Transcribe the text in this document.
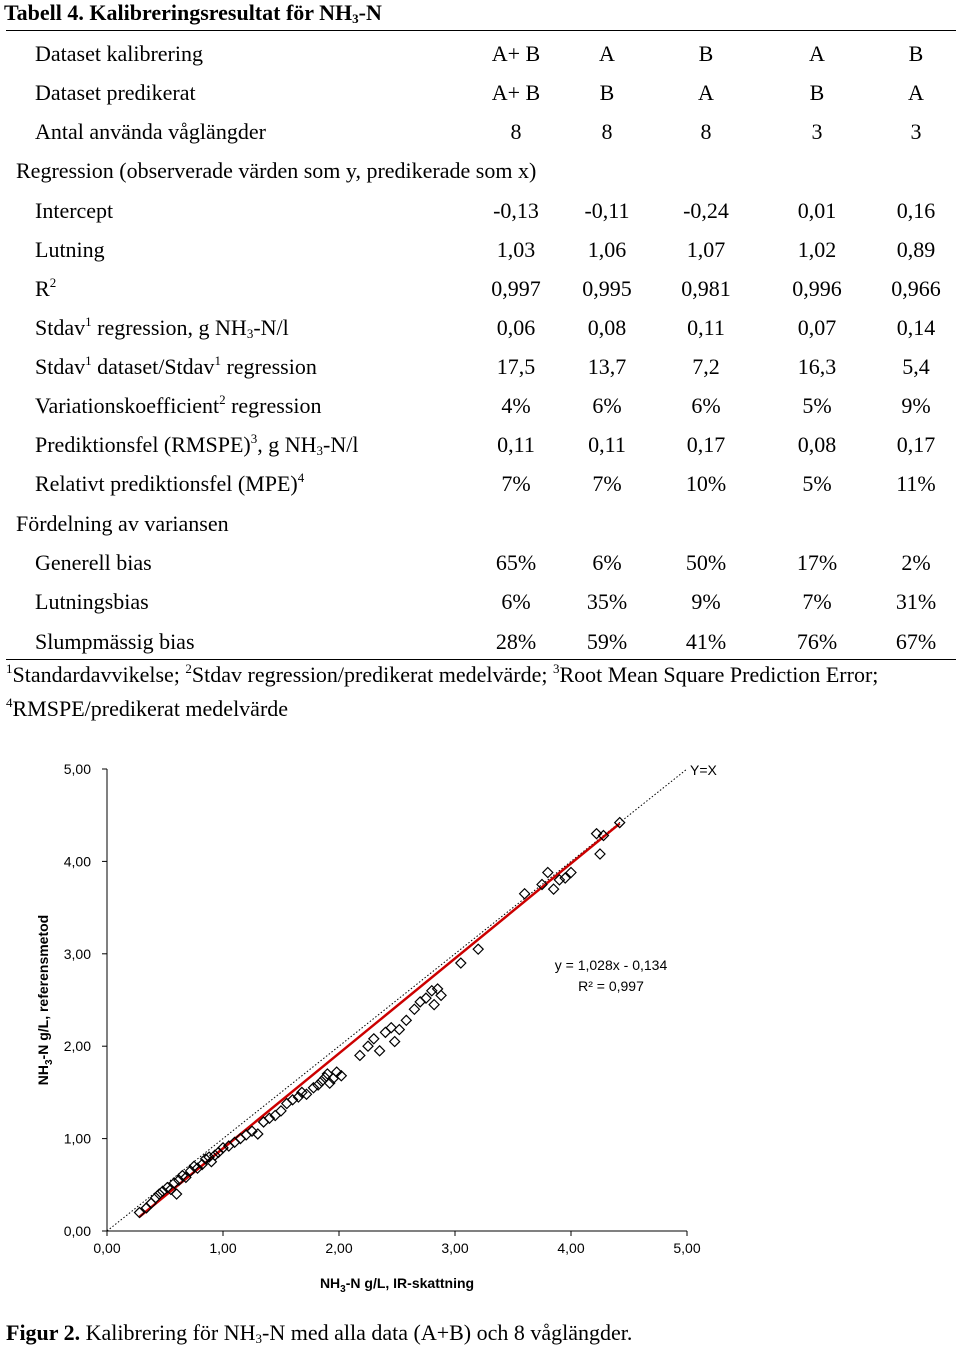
Tabell 4. Kalibreringsresultat för $NH_3-N$
Dataset kalibrering	A+ B	A	B	A	B
Dataset predikerat	A+ B	B	A	B	A
Antal använda våglängder	8	8	8	3	3
Regression (observerade värden som y, predikerade som x)
Intercept	-0,13	-0,11	-0,24	0,01	0,16
Lutning	1,03	1,06	1,07	1,02	0,89
$R^2$	0,997	0,995	0,981	0,996	0,966
Stdav$^1$ regression, g $NH_3-N/l$	0,06	0,08	0,11	0,07	0,14
Stdav$^1$ dataset/Stdav$^1$ regression	17,5	13,7	7,2	16,3	5,4
Variationskoefficient$^2$ regression	4%	6%	6%	5%	9%
Prediktionsfel (RMSPE)$^3$, g $NH_3-N/l$	0,11	0,11	0,17	0,08	0,17
Relativt prediktionsfel (MPE)$^4$	7%	7%	10%	5%	11%
Fördelning av variansen
Generell bias	65%	6%	50%	17%	2%
Lutningsbias	6%	35%	9%	7%	31%
Slumpmässig bias	28%	59%	41%	76%	67%
$^1$Standardavvikelse; $^2$Stdav regression/predikerat medelvärde; $^3$Root Mean Square Prediction Error; $^4$RMSPE/predikerat medelvärde
0,00	1,00	2,00	3,00	4,00	5,00
0,00
1,00
2,00
3,00
4,00
5,00	Y=X
y = 1,028x - 0,134
R² = 0,997
$NH_3-N$ g/L, IR-skattning
$NH_3-N$ g/L, referensmetod
Figur 2. Kalibrering för $NH_3-N$ med alla data (A+B) och 8 våglängder.
